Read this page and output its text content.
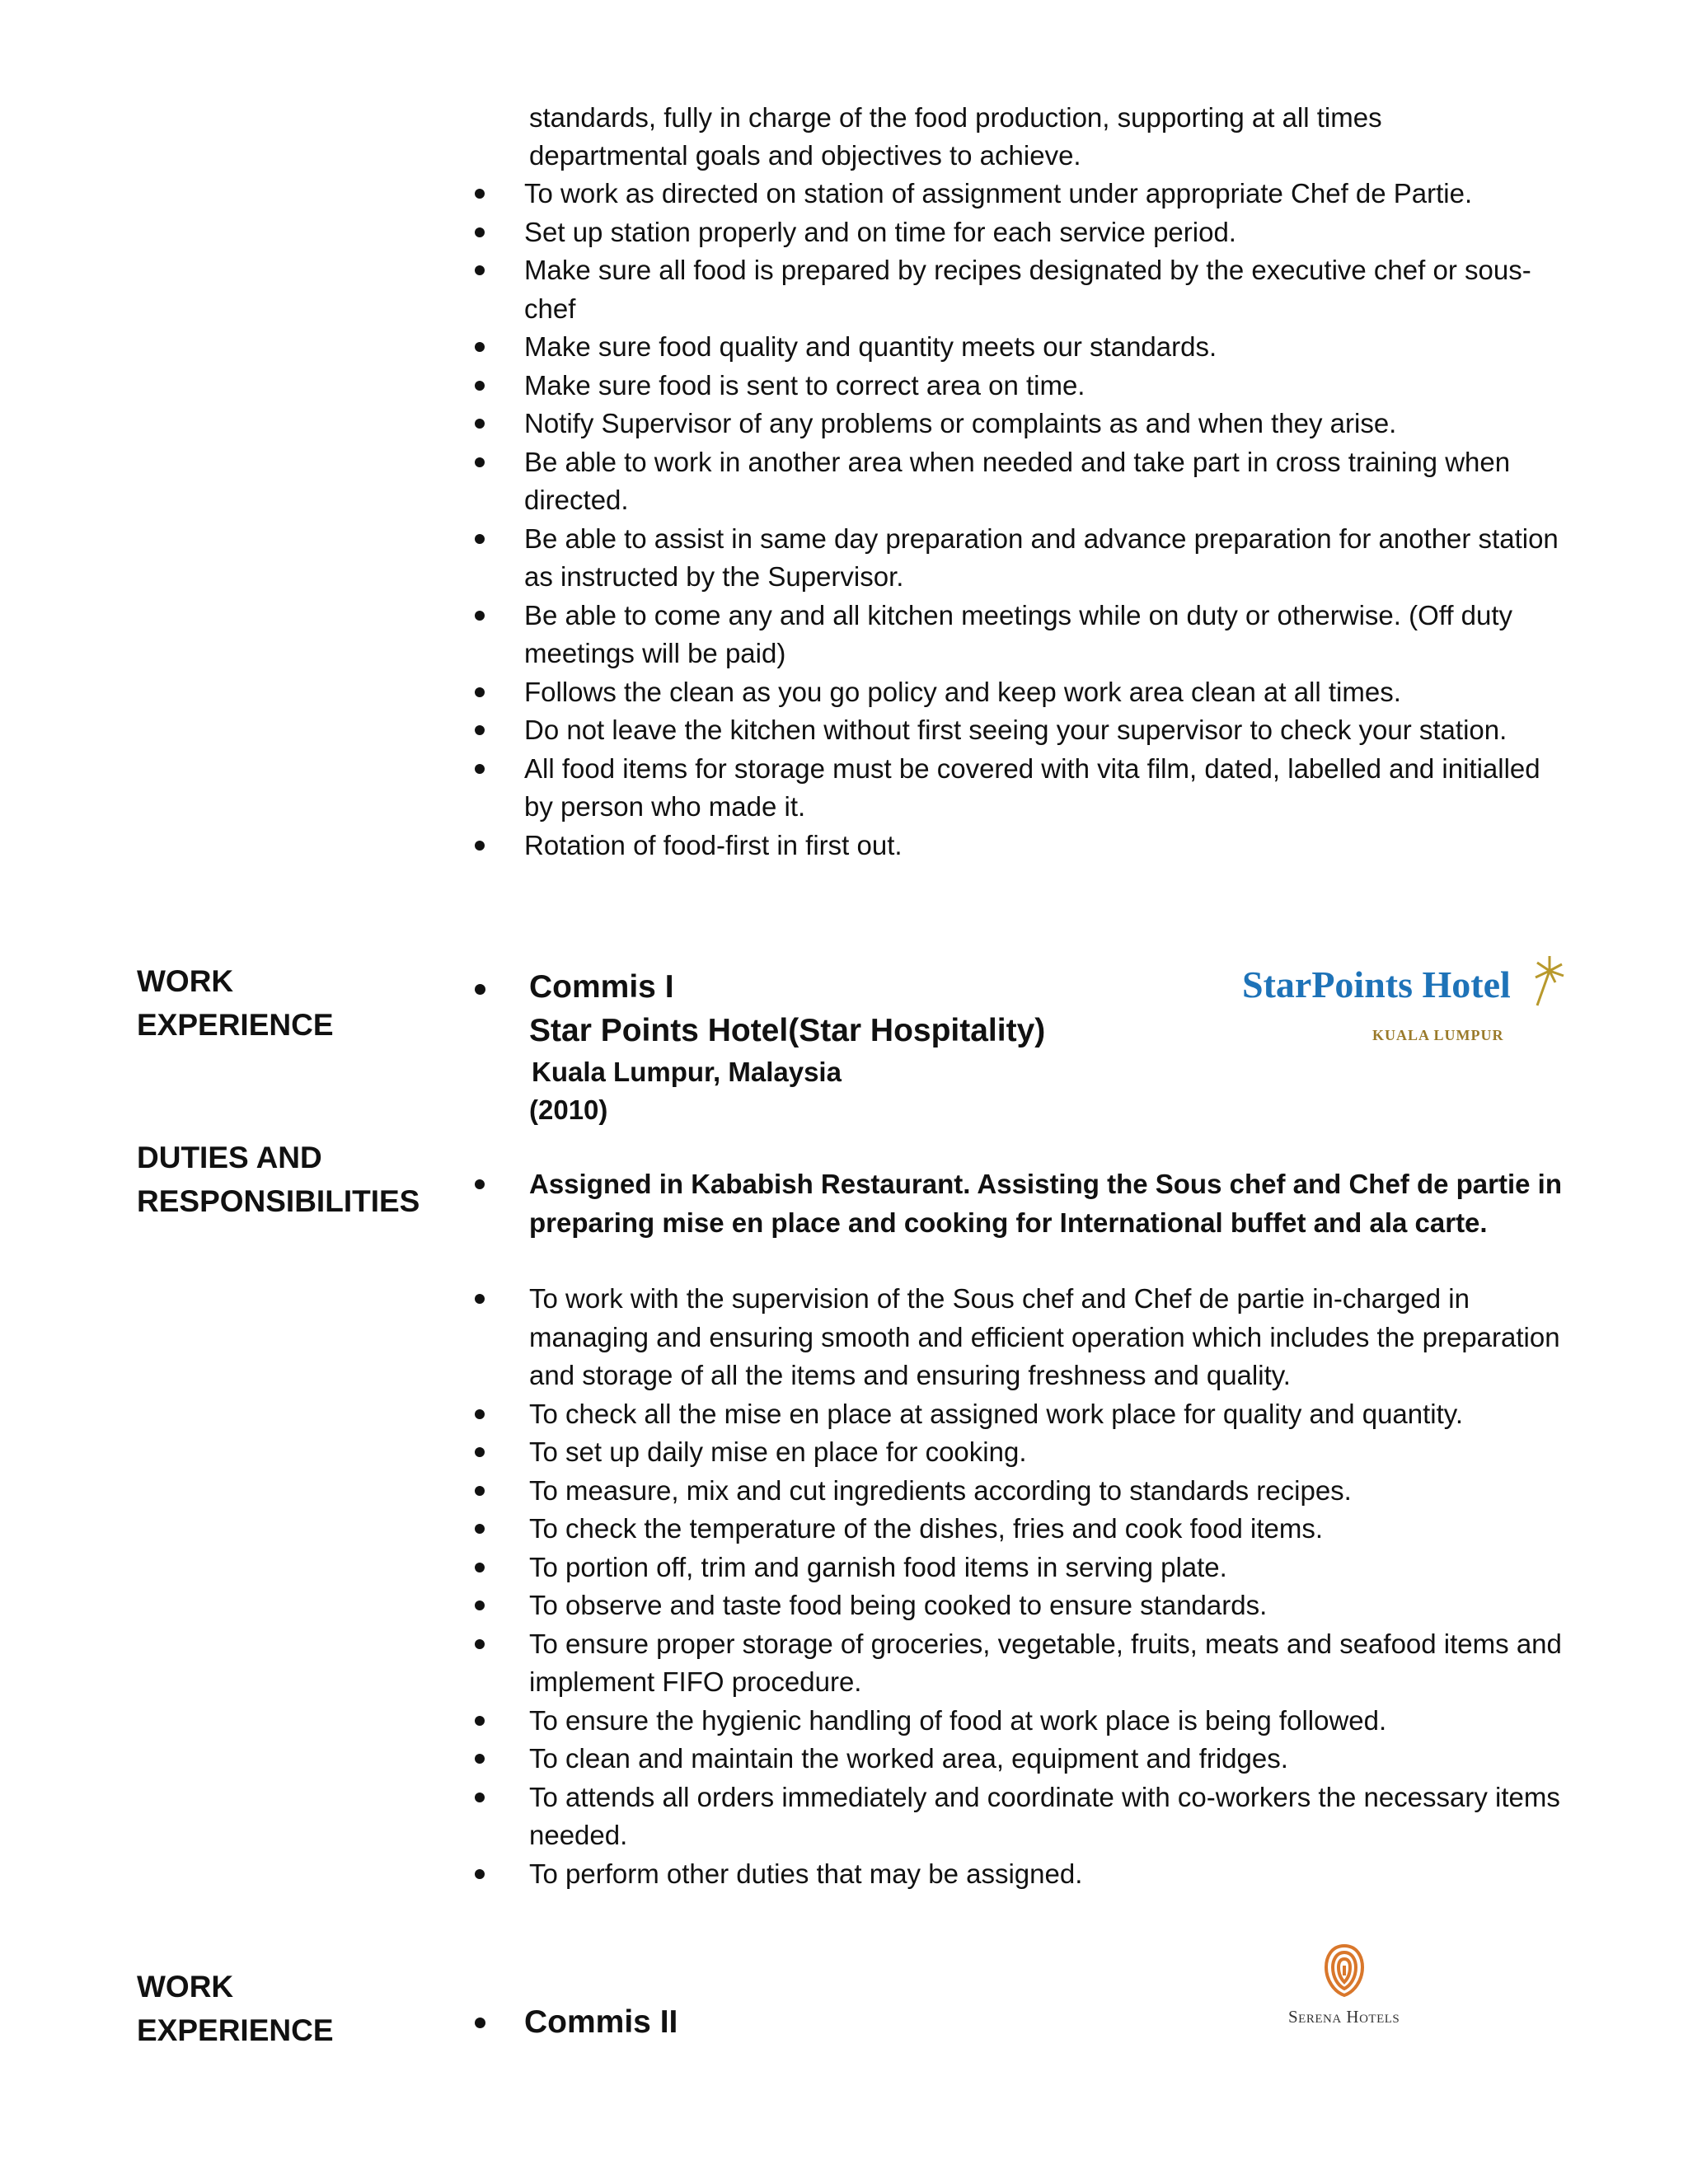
standards, fully in charge of the food production, supporting at all times
departmental goals and objectives to achieve.
To work as directed on station of assignment under appropriate Chef de Partie.
Set up station properly and on time for each service period.
Make sure all food is prepared by recipes designated by the executive chef or sous-chef
Make sure food quality and quantity meets our standards.
Make sure food is sent to correct area on time.
Notify Supervisor of any problems or complaints as and when they arise.
Be able to work in another area when needed and take part in cross training when directed.
Be able to assist in same day preparation and advance preparation for another station as instructed by the Supervisor.
Be able to come any and all kitchen meetings while on duty or otherwise. (Off duty meetings will be paid)
Follows the clean as you go policy and keep work area clean at all times.
Do not leave the kitchen without first seeing your supervisor to check your station.
All food items for storage must be covered with vita film, dated, labelled and initialled by person who made it.
Rotation of food-first in first out.
WORK
EXPERIENCE
Commis I
Star Points Hotel(Star Hospitality)
Kuala Lumpur, Malaysia
(2010)
StarPoints Hotel
KUALA LUMPUR
DUTIES AND
RESPONSIBILITIES
Assigned in Kababish Restaurant. Assisting the Sous chef and Chef de partie in preparing mise en place and cooking for International buffet and ala carte.
To work with the supervision of the Sous chef and Chef de partie in-charged in managing and ensuring smooth and efficient operation which includes the preparation and storage of all the items and ensuring freshness and quality.
To check all the mise en place at assigned work place for quality and quantity.
To set up daily mise en place for cooking.
To measure, mix and cut ingredients according to standards recipes.
To check the temperature of the dishes, fries and cook food items.
To portion off, trim and garnish food items in serving plate.
To observe and taste food being cooked to ensure standards.
To ensure proper storage of groceries, vegetable, fruits, meats and seafood items and implement FIFO procedure.
To ensure the hygienic handling of food at work place is being followed.
To clean and maintain the worked area, equipment and fridges.
To attends all orders immediately and coordinate with co-workers the necessary items needed.
To perform other duties that may be assigned.
WORK
EXPERIENCE	Commis II	Serena Hotels
